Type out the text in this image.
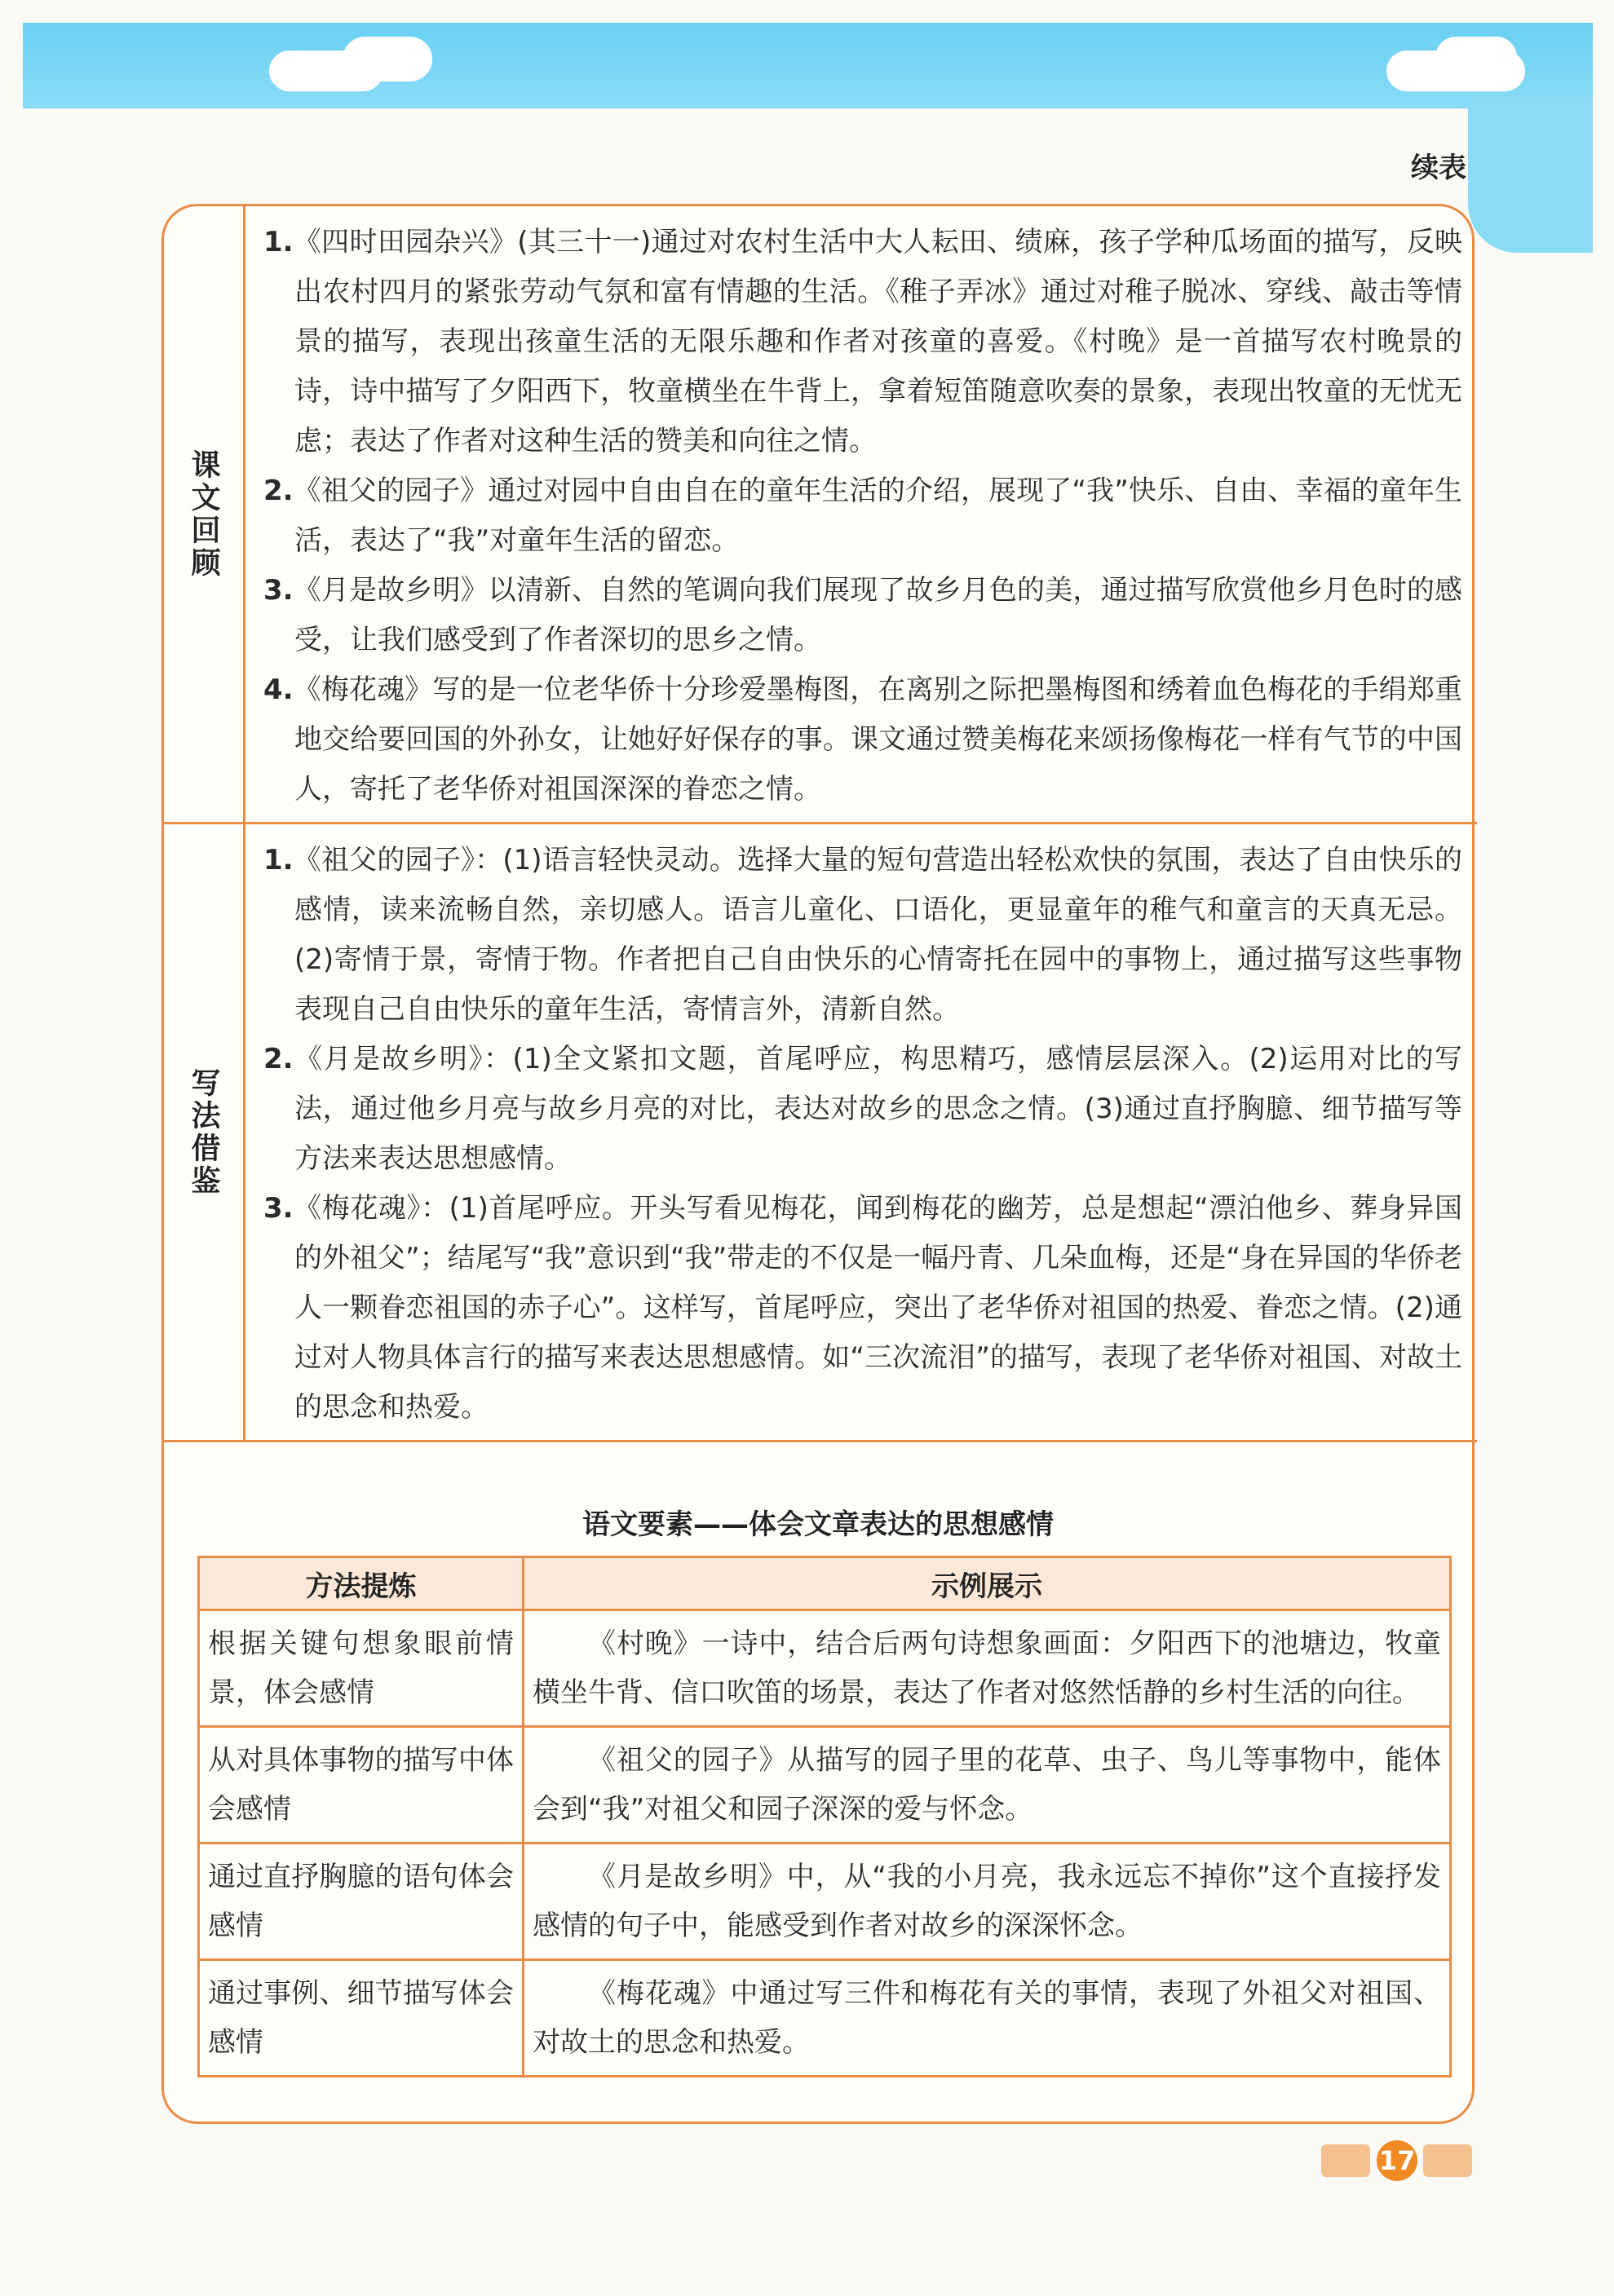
续表
课文回顾

1.《四时田园杂兴》(其三十一)通过对农村生活中大人耘田、绩麻，孩子学种瓜场面的描写，反映出农村四月的紧张劳动气氛和富有情趣的生活。《稚子弄冰》通过对稚子脱冰、穿线、敲击等情景的描写，表现出孩童生活的无限乐趣和作者对孩童的喜爱。《村晚》是一首描写农村晚景的诗，诗中描写了夕阳西下，牧童横坐在牛背上，拿着短笛随意吹奏的景象，表现出牧童的无忧无虑；表达了作者对这种生活的赞美和向往之情。

2.《祖父的园子》通过对园中自由自在的童年生活的介绍，展现了“我”快乐、自由、幸福的童年生活，表达了“我”对童年生活的留恋。

3.《月是故乡明》以清新、自然的笔调向我们展现了故乡月色的美，通过描写欣赏他乡月色时的感受，让我们感受到了作者深切的思乡之情。

4.《梅花魂》写的是一位老华侨十分珍爱墨梅图，在离别之际把墨梅图和绣着血色梅花的手绢郑重地交给要回国的外孙女，让她好好保存的事。课文通过赞美梅花来颂扬像梅花一样有气节的中国人，寄托了老华侨对祖国深深的眷恋之情。

写法借鉴

1.《祖父的园子》：(1)语言轻快灵动。选择大量的短句营造出轻松欢快的氛围，表达了自由快乐的感情，读来流畅自然，亲切感人。语言儿童化、口语化，更显童年的稚气和童言的天真无忌。(2)寄情于景，寄情于物。作者把自己自由快乐的心情寄托在园中的事物上，通过描写这些事物表现自己自由快乐的童年生活，寄情言外，清新自然。

2.《月是故乡明》：(1)全文紧扣文题，首尾呼应，构思精巧，感情层层深入。(2)运用对比的写法，通过他乡月亮与故乡月亮的对比，表达对故乡的思念之情。(3)通过直抒胸臆、细节描写等方法来表达思想感情。

3.《梅花魂》：(1)首尾呼应。开头写看见梅花，闻到梅花的幽芳，总是想起“漂泊他乡、葬身异国的外祖父”；结尾写“我”意识到“我”带走的不仅是一幅丹青、几朵血梅，还是“身在异国的华侨老人一颗眷恋祖国的赤子心”。这样写，首尾呼应，突出了老华侨对祖国的热爱、眷恋之情。(2)通过对人物具体言行的描写来表达思想感情。如“三次流泪”的描写，表现了老华侨对祖国、对故土的思念和热爱。

语文要素——体会文章表达的思想感情
方法提炼	示例展示
根据关键句想象眼前情景，体会感情	《村晚》一诗中，结合后两句诗想象画面：夕阳西下的池塘边，牧童横坐牛背、信口吹笛的场景，表达了作者对悠然恬静的乡村生活的向往。
从对具体事物的描写中体会感情	《祖父的园子》从描写的园子里的花草、虫子、鸟儿等事物中，能体会到“我”对祖父和园子深深的爱与怀念。
通过直抒胸臆的语句体会感情	《月是故乡明》中，从“我的小月亮，我永远忘不掉你”这个直接抒发感情的句子中，能感受到作者对故乡的深深怀念。
通过事例、细节描写体会感情	《梅花魂》中通过写三件和梅花有关的事情，表现了外祖父对祖国、对故土的思念和热爱。
17
